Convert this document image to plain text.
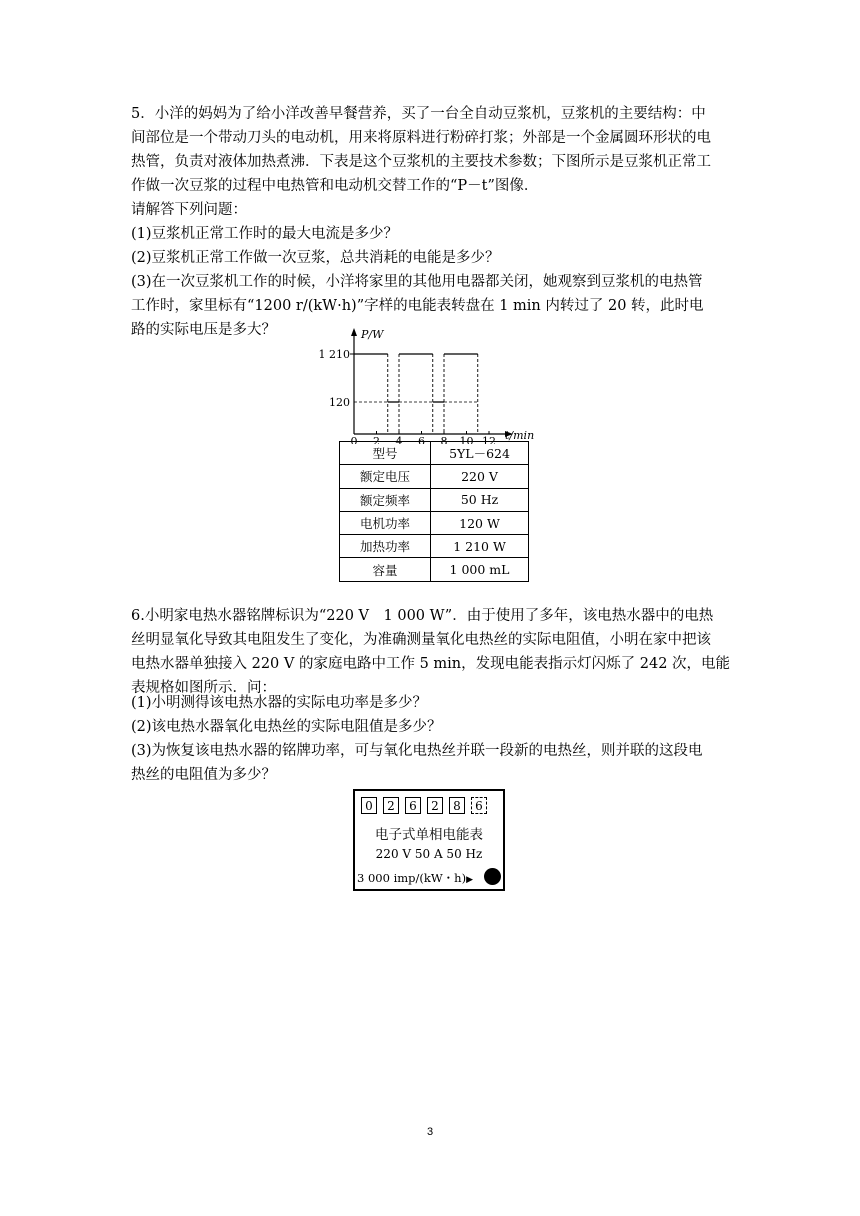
5．小洋的妈妈为了给小洋改善早餐营养，买了一台全自动豆浆机，豆浆机的主要结构：中
间部位是一个带动刀头的电动机，用来将原料进行粉碎打浆；外部是一个金属圆环形状的电
热管，负责对液体加热煮沸．下表是这个豆浆机的主要技术参数；下图所示是豆浆机正常工
作做一次豆浆的过程中电热管和电动机交替工作的“P－t”图像．

请解答下列问题：
(1)豆浆机正常工作时的最大电流是多少？
(2)豆浆机正常工作做一次豆浆，总共消耗的电能是多少？
(3)在一次豆浆机工作的时候，小洋将家里的其他用电器都关闭，她观察到豆浆机的电热管
工作时，家里标有“1200 r/(kW·h)”字样的电能表转盘在 1 min 内转过了 20 转，此时电
路的实际电压是多大？

0 2 4 6 8 10 12
P/W
t/min
1 210
120
型号	5YL－624
额定电压	220 V
额定频率	50 Hz
电机功率	120 W
加热功率	1 210 W
容量	1 000 mL

6.小明家电热水器铭牌标识为“220 V　1 000 W”．由于使用了多年，该电热水器中的电热
丝明显氧化导致其电阻发生了变化，为准确测量氧化电热丝的实际电阻值，小明在家中把该
电热水器单独接入 220 V 的家庭电路中工作 5 min，发现电能表指示灯闪烁了 242 次，电能
表规格如图所示．问：

(1)小明测得该电热水器的实际电功率是多少？
(2)该电热水器氧化电热丝的实际电阻值是多少？
(3)为恢复该电热水器的铭牌功率，可与氧化电热丝并联一段新的电热丝，则并联的这段电
热丝的电阻值为多少？

0	2	6	2	8	6
电子式单相电能表
220 V 50 A 50 Hz
3 000 imp/(kW・h)▶
3
